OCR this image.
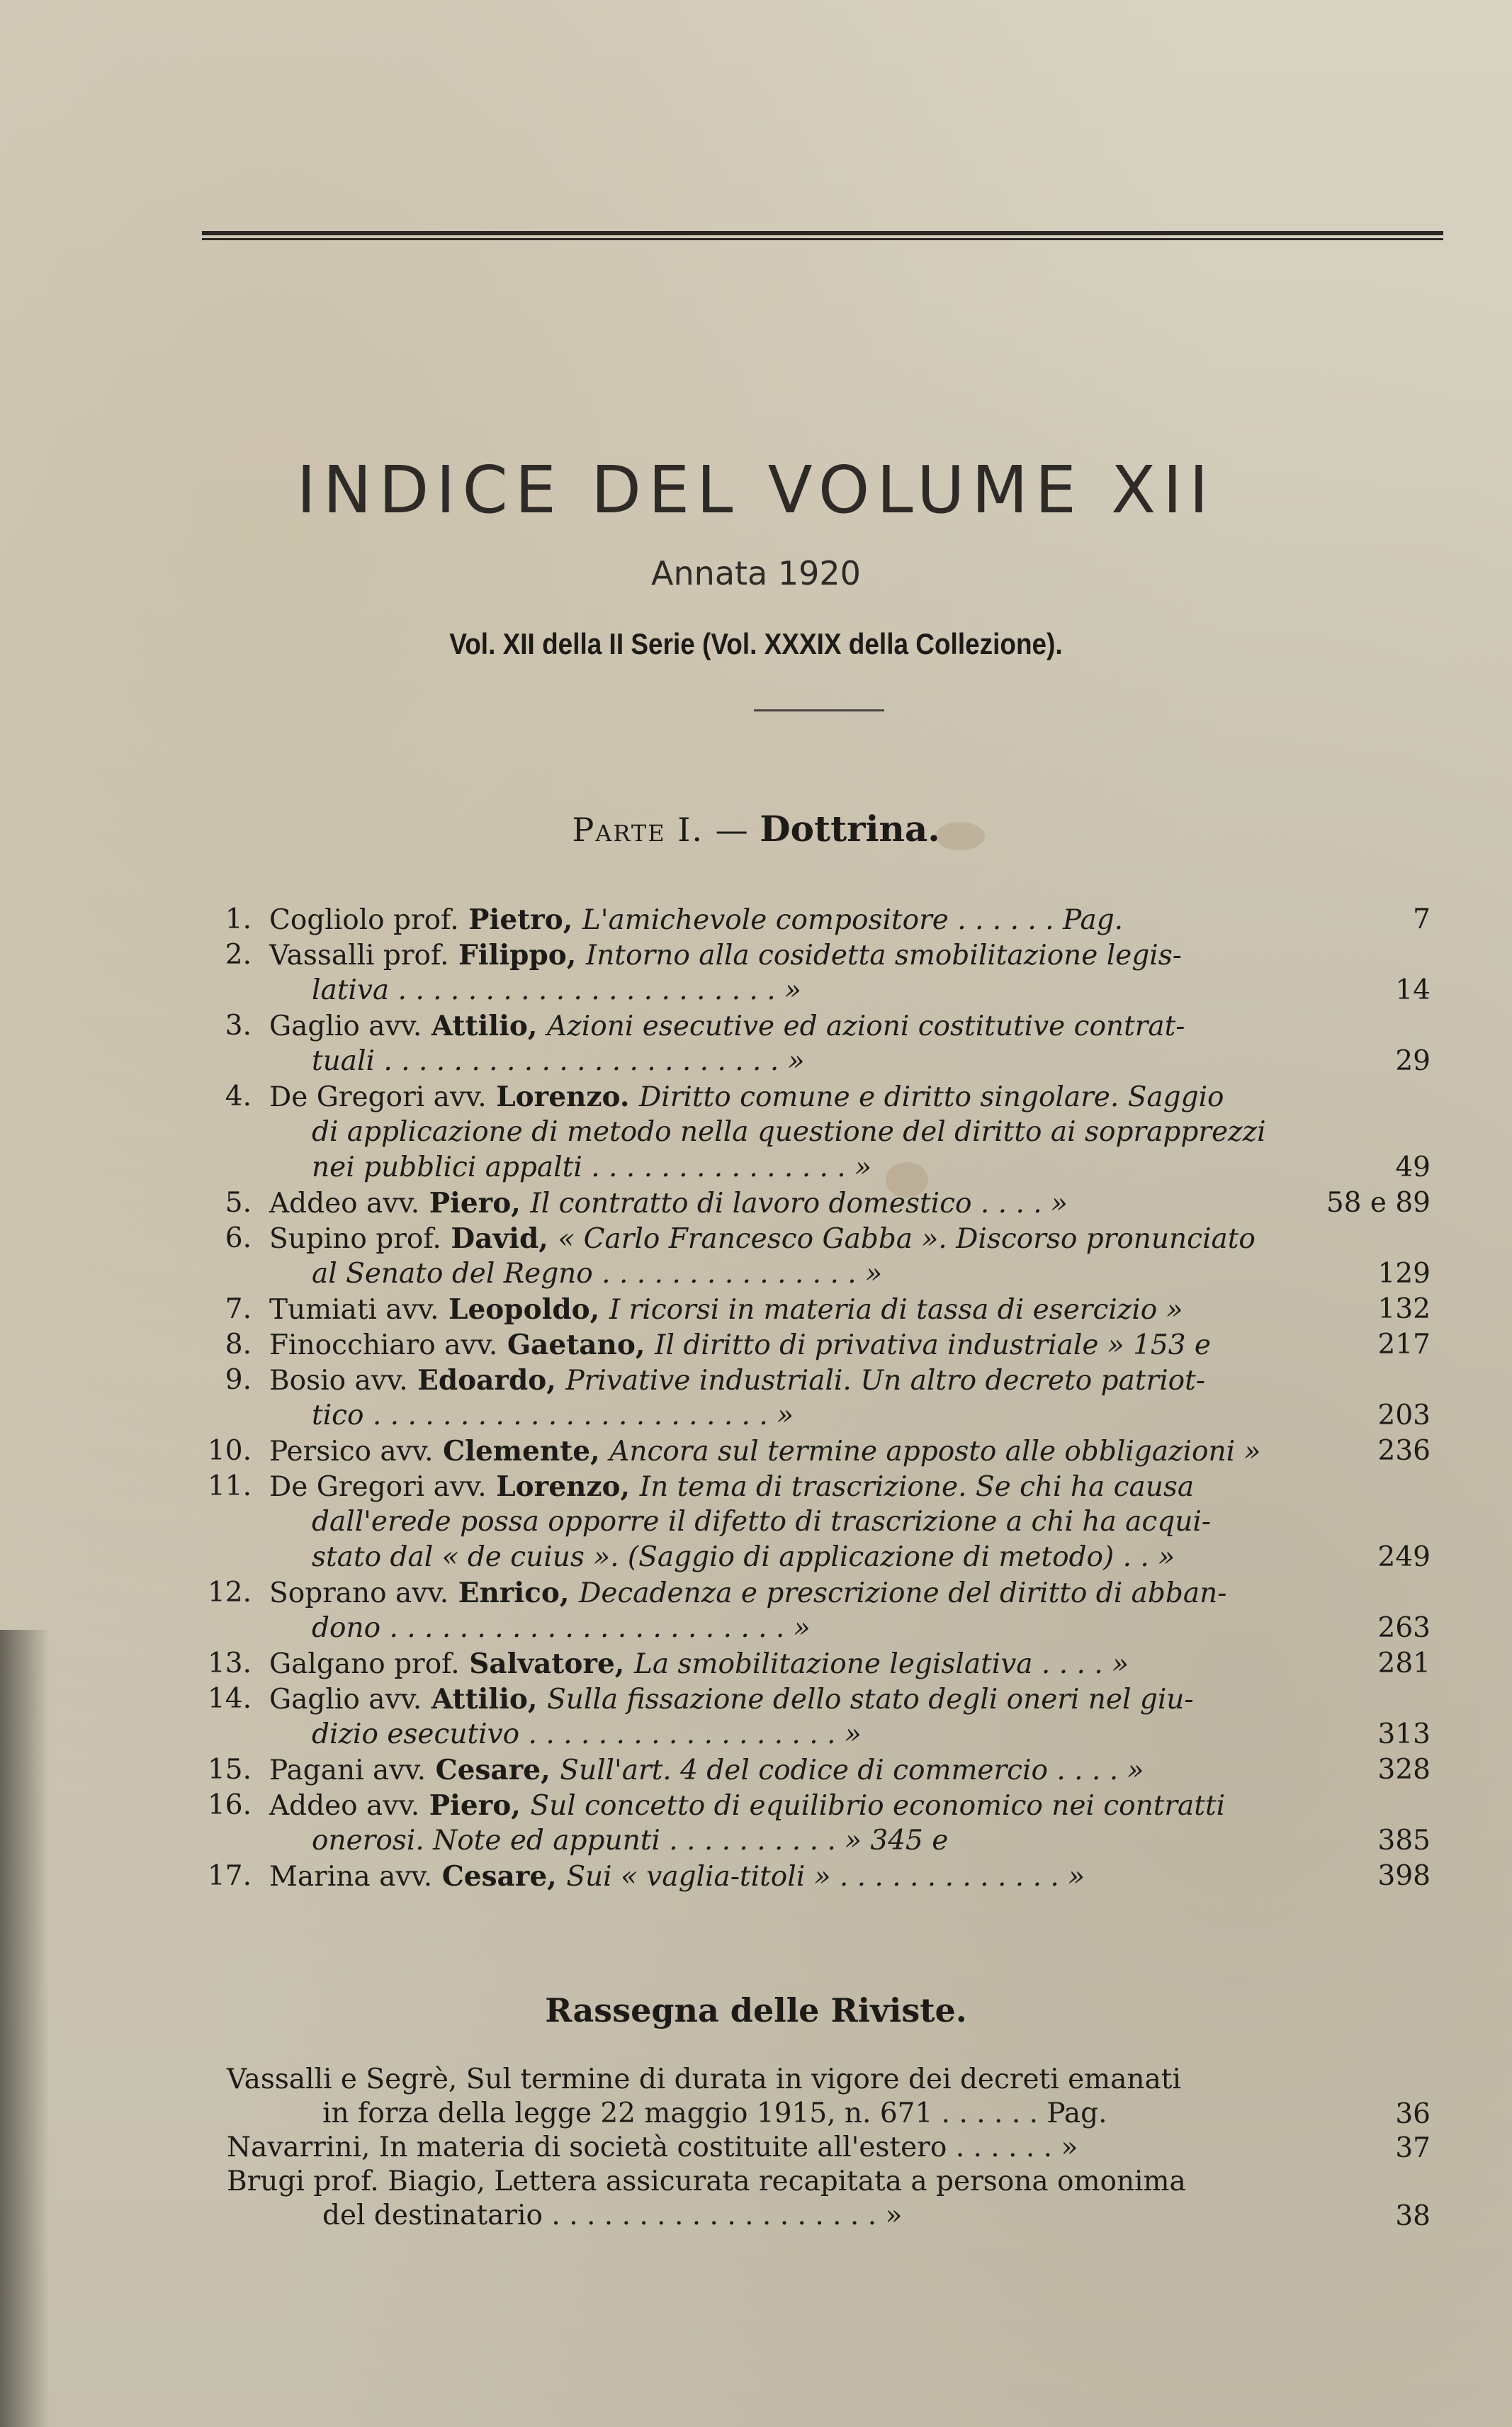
INDICE DEL VOLUME XII
Annata 1920
Vol. XII della II Serie (Vol. XXXIX della Collezione).
Parte I. — Dottrina.
1. Cogliolo prof. Pietro, L'amichevole compositore . . . . . . Pag.	7
2. Vassalli prof. Filippo, Intorno alla cosidetta smobilitazione legis-
lativa . . . . . . . . . . . . . . . . . . . . . . »	14
3. Gaglio avv. Attilio, Azioni esecutive ed azioni costitutive contrat-
tuali . . . . . . . . . . . . . . . . . . . . . . . »	29
4. De Gregori avv. Lorenzo. Diritto comune e diritto singolare. Saggio
di applicazione di metodo nella questione del diritto ai soprapprezzi
nei pubblici appalti . . . . . . . . . . . . . . . »	49
5. Addeo avv. Piero, Il contratto di lavoro domestico . . . . »	58 e 89
6. Supino prof. David, « Carlo Francesco Gabba ». Discorso pronunciato
al Senato del Regno . . . . . . . . . . . . . . . »	129
7. Tumiati avv. Leopoldo, I ricorsi in materia di tassa di esercizio »	132
8. Finocchiaro avv. Gaetano, Il diritto di privativa industriale » 153 e	217
9. Bosio avv. Edoardo, Privative industriali. Un altro decreto patriot-
tico . . . . . . . . . . . . . . . . . . . . . . . »	203
10. Persico avv. Clemente, Ancora sul termine apposto alle obbligazioni »	236
11. De Gregori avv. Lorenzo, In tema di trascrizione. Se chi ha causa
dall'erede possa opporre il difetto di trascrizione a chi ha acqui-
stato dal « de cuius ». (Saggio di applicazione di metodo) . . »	249
12. Soprano avv. Enrico, Decadenza e prescrizione del diritto di abban-
dono . . . . . . . . . . . . . . . . . . . . . . . »	263
13. Galgano prof. Salvatore, La smobilitazione legislativa . . . . »	281
14. Gaglio avv. Attilio, Sulla fissazione dello stato degli oneri nel giu-
dizio esecutivo . . . . . . . . . . . . . . . . . . »	313
15. Pagani avv. Cesare, Sull'art. 4 del codice di commercio . . . . »	328
16. Addeo avv. Piero, Sul concetto di equilibrio economico nei contratti
onerosi. Note ed appunti . . . . . . . . . . » 345 e	385
17. Marina avv. Cesare, Sui « vaglia-titoli » . . . . . . . . . . . . . »	398
Rassegna delle Riviste.
Vassalli e Segrè, Sul termine di durata in vigore dei decreti emanati
in forza della legge 22 maggio 1915, n. 671 . . . . . . Pag.	36
Navarrini, In materia di società costituite all'estero . . . . . . »	37
Brugi prof. Biagio, Lettera assicurata recapitata a persona omonima
del destinatario . . . . . . . . . . . . . . . . . . . »	38
